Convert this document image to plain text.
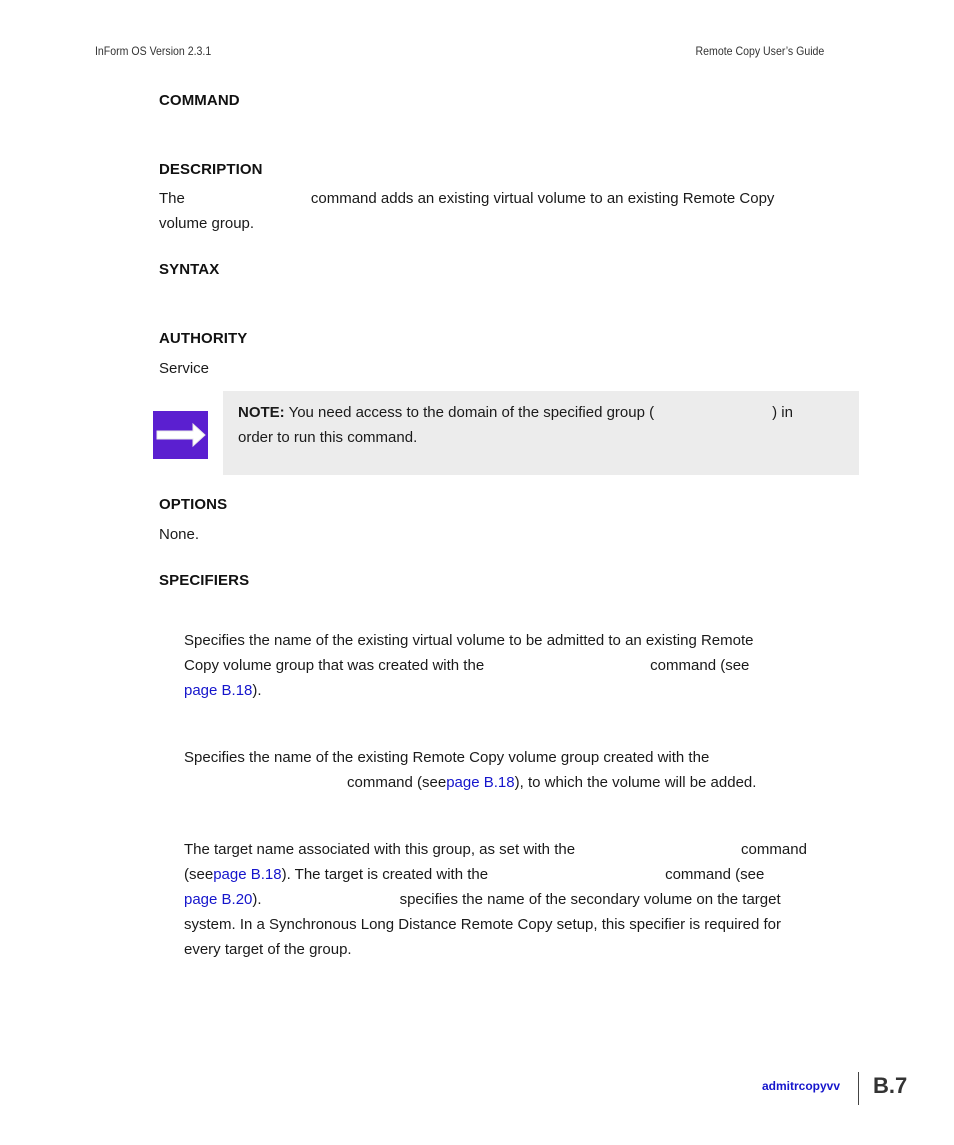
InForm OS Version 2.3.1	Remote Copy User’s Guide
COMMAND
DESCRIPTION
The	command adds an existing virtual volume to an existing Remote Copy
volume group.
SYNTAX
AUTHORITY
Service
NOTE: You need access to the domain of the specified group (	) in
order to run this command.
OPTIONS
None.
SPECIFIERS
Specifies the name of the existing virtual volume to be admitted to an existing Remote
Copy volume group that was created with the	command (see
page B.18).
Specifies the name of the existing Remote Copy volume group created with the
command (seepage B.18), to which the volume will be added.
The target name associated with this group, as set with the	command
(seepage B.18). The target is created with the	command (see
page B.20).	specifies the name of the secondary volume on the target
system. In a Synchronous Long Distance Remote Copy setup, this specifier is required for
every target of the group.
admitrcopyvv B.7
